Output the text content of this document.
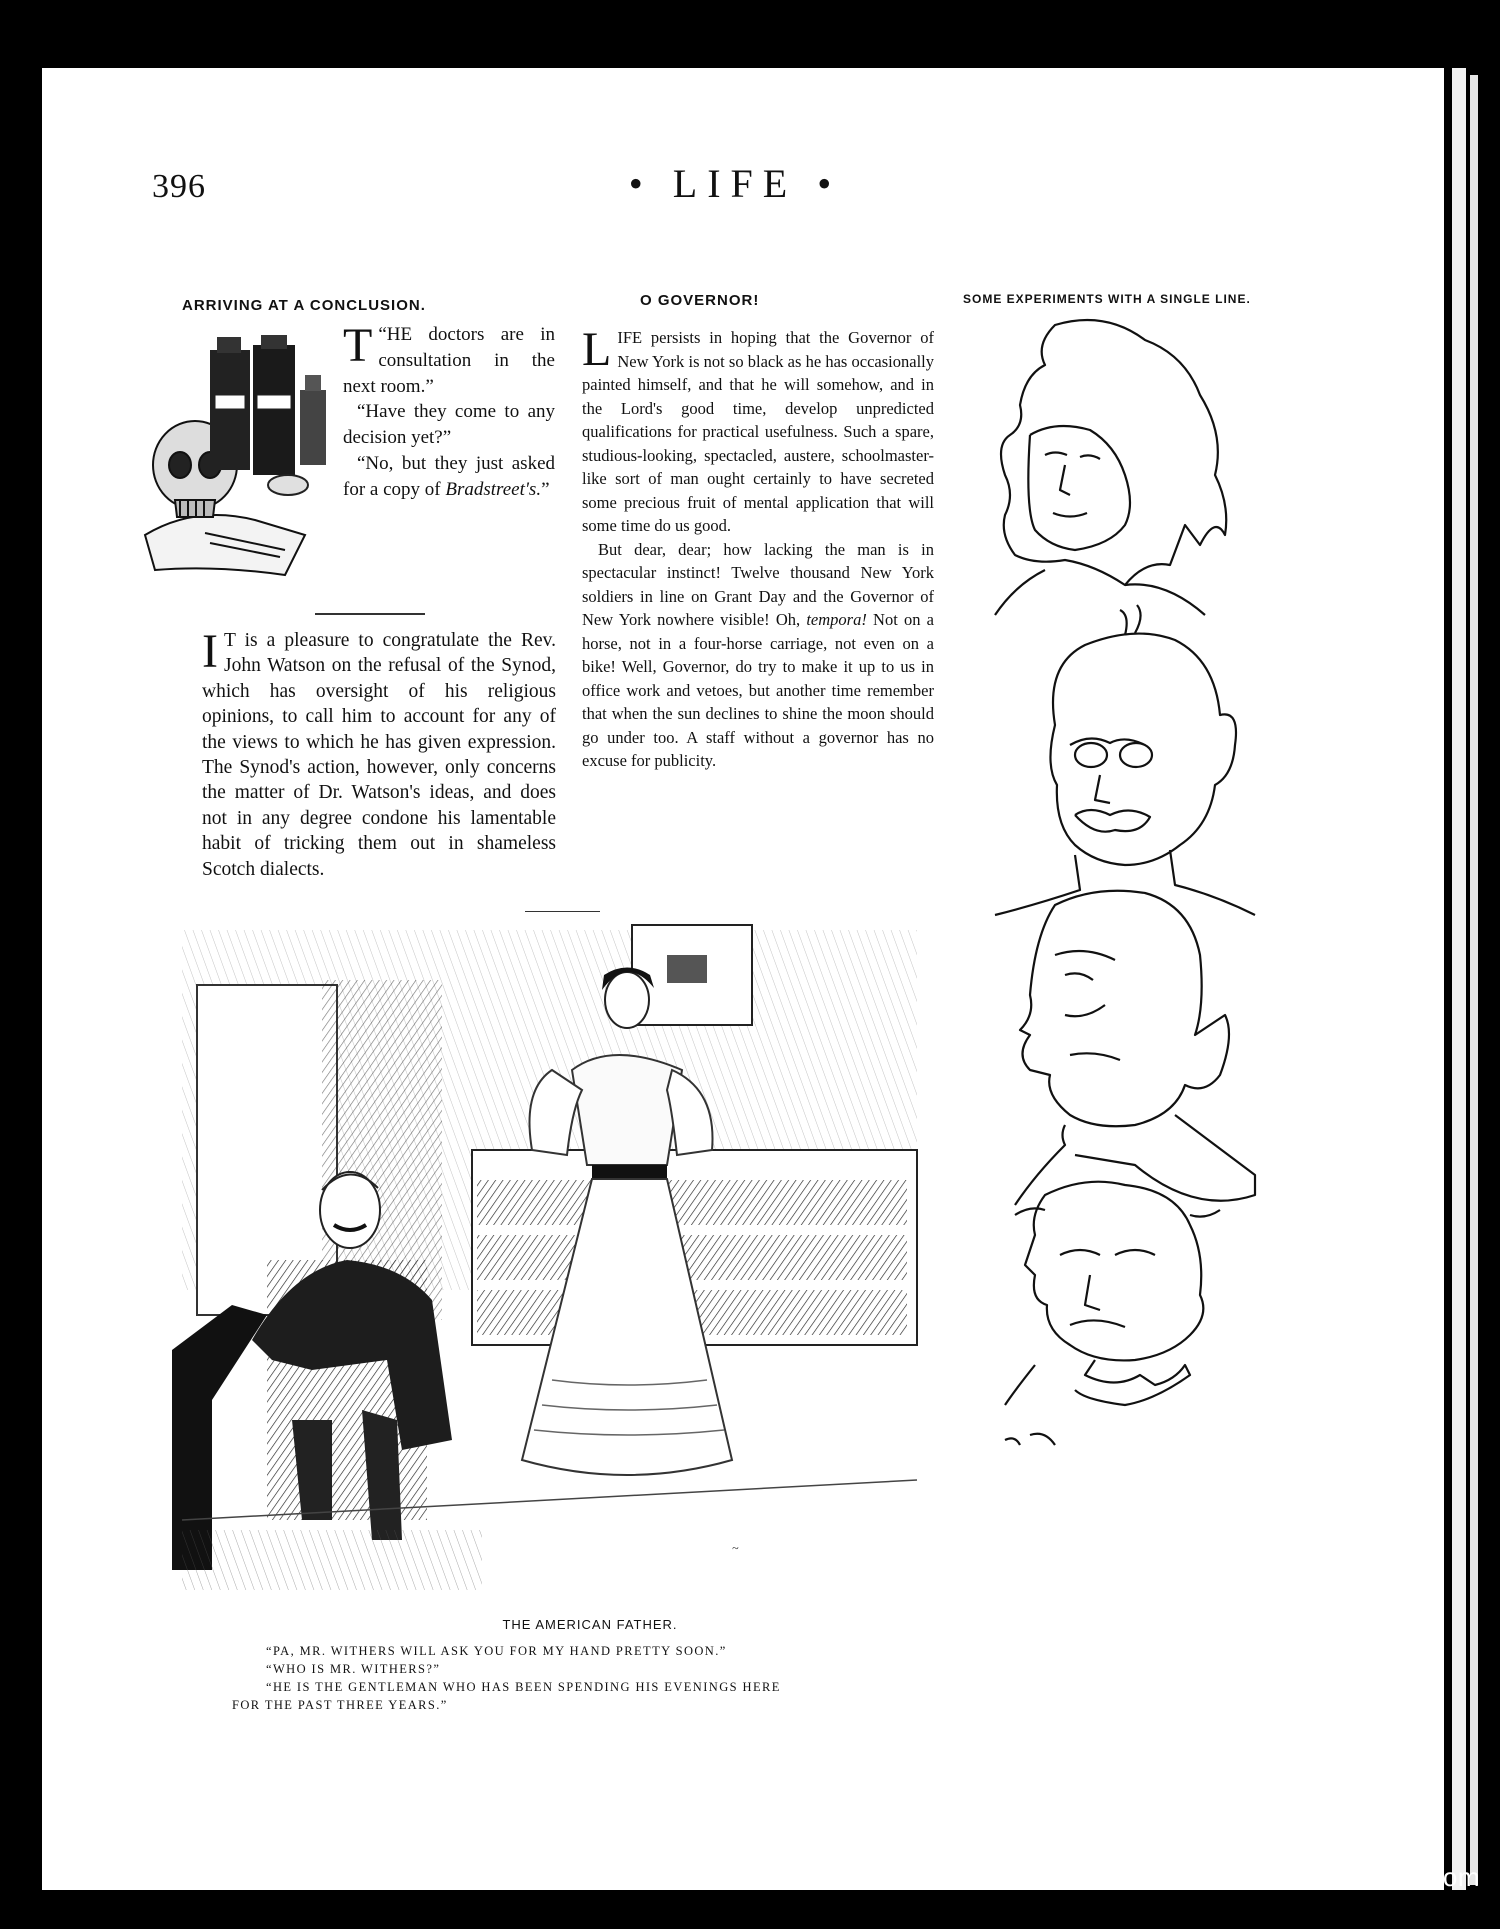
396	• LIFE •
ARRIVING AT A CONCLUSION.

T “HE doctors are in consultation in the next room.”

“Have they come to any decision yet?”

“No, but they just asked for a copy of Bradstreet's.”

I T is a pleasure to congratulate the Rev. John Watson on the refusal of the Synod, which has oversight of his religious opinions, to call him to account for any of the views to which he has given expression. The Synod's action, however, only concerns the matter of Dr. Watson's ideas, and does not in any degree condone his lamentable habit of tricking them out in shameless Scotch dialects.

O GOVERNOR!

LIFE persists in hoping that the Governor of New York is not so black as he has occasionally painted himself, and that he will somehow, and in the Lord's good time, develop unpredicted qualifications for practical usefulness. Such a spare, studious-looking, spectacled, austere, schoolmaster-like sort of man ought certainly to have secreted some precious fruit of mental application that will some time do us good.

But dear, dear; how lacking the man is in spectacular instinct! Twelve thousand New York soldiers in line on Grant Day and the Governor of New York nowhere visible! Oh, tempora! Not on a horse, not in a four-horse carriage, not even on a bike! Well, Governor, do try to make it up to us in office work and vetoes, but another time remember that when the sun declines to shine the moon should go under too. A staff without a governor has no excuse for publicity.

SOME EXPERIMENTS WITH A SINGLE LINE.
~
THE AMERICAN FATHER.
“PA, MR. WITHERS WILL ASK YOU FOR MY HAND PRETTY SOON.”
“WHO IS MR. WITHERS?”
“HE IS THE GENTLEMAN WHO HAS BEEN SPENDING HIS EVENINGS HERE
FOR THE PAST THREE YEARS.”
comicbooks.com
